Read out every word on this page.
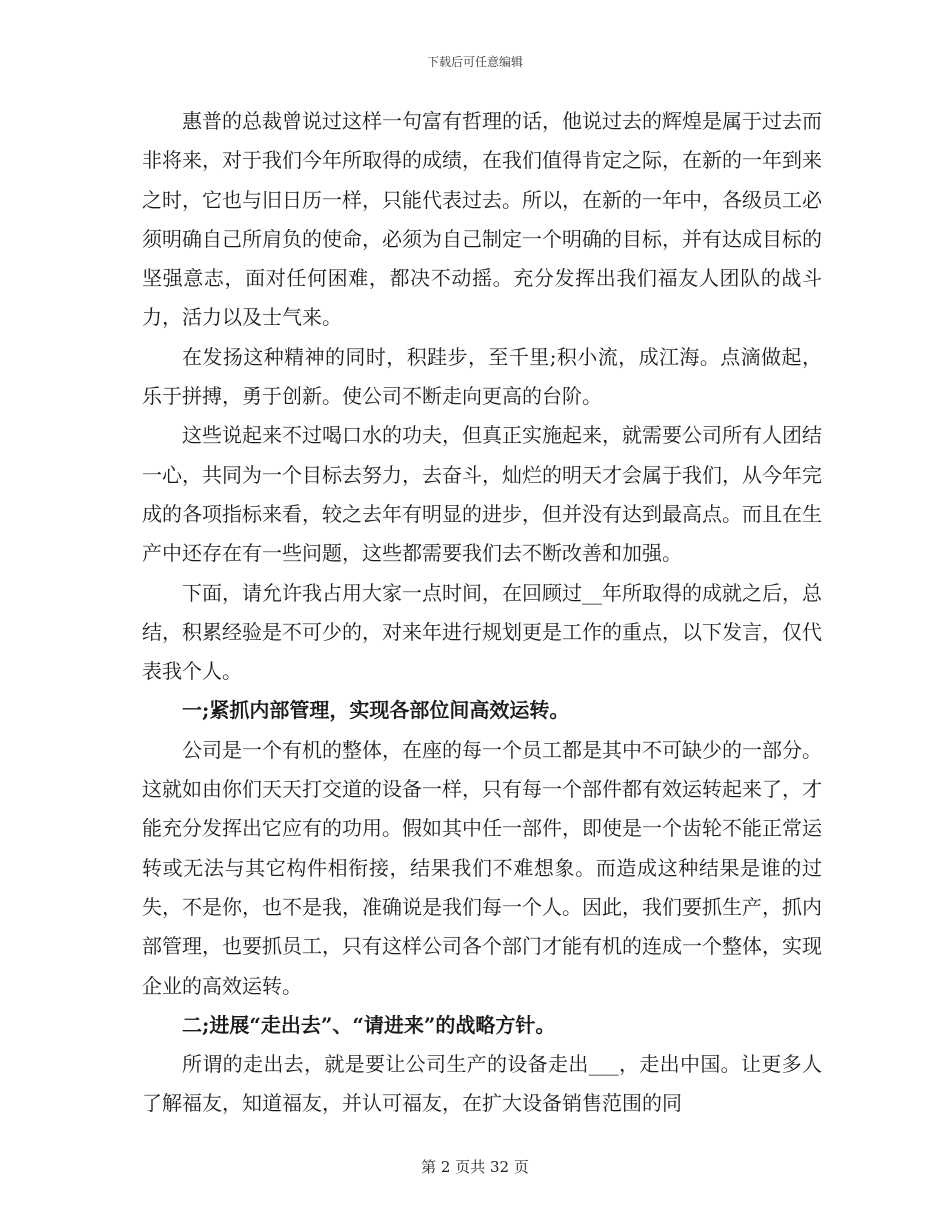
下载后可任意编辑

惠普的总裁曾说过这样一句富有哲理的话，他说过去的辉煌是属于过去而非将来，对于我们今年所取得的成绩，在我们值得肯定之际，在新的一年到来之时，它也与旧日历一样，只能代表过去。所以，在新的一年中，各级员工必须明确自己所肩负的使命，必须为自己制定一个明确的目标，并有达成目标的坚强意志，面对任何困难，都决不动摇。充分发挥出我们福友人团队的战斗力，活力以及士气来。

在发扬这种精神的同时，积跬步，至千里;积小流，成江海。点滴做起，乐于拼搏，勇于创新。使公司不断走向更高的台阶。

这些说起来不过喝口水的功夫，但真正实施起来，就需要公司所有人团结一心，共同为一个目标去努力，去奋斗，灿烂的明天才会属于我们，从今年完成的各项指标来看，较之去年有明显的进步，但并没有达到最高点。而且在生产中还存在有一些问题，这些都需要我们去不断改善和加强。

下面，请允许我占用大家一点时间，在回顾过__年所取得的成就之后，总结，积累经验是不可少的，对来年进行规划更是工作的重点，以下发言，仅代表我个人。

一;紧抓内部管理，实现各部位间高效运转。

公司是一个有机的整体，在座的每一个员工都是其中不可缺少的一部分。这就如由你们天天打交道的设备一样，只有每一个部件都有效运转起来了，才能充分发挥出它应有的功用。假如其中任一部件，即使是一个齿轮不能正常运转或无法与其它构件相衔接，结果我们不难想象。而造成这种结果是谁的过失，不是你，也不是我，准确说是我们每一个人。因此，我们要抓生产，抓内部管理，也要抓员工，只有这样公司各个部门才能有机的连成一个整体，实现企业的高效运转。

二;进展“走出去”、“请进来”的战略方针。

所谓的走出去，就是要让公司生产的设备走出___，走出中国。让更多人了解福友，知道福友，并认可福友，在扩大设备销售范围的同

第 2 页共 32 页
